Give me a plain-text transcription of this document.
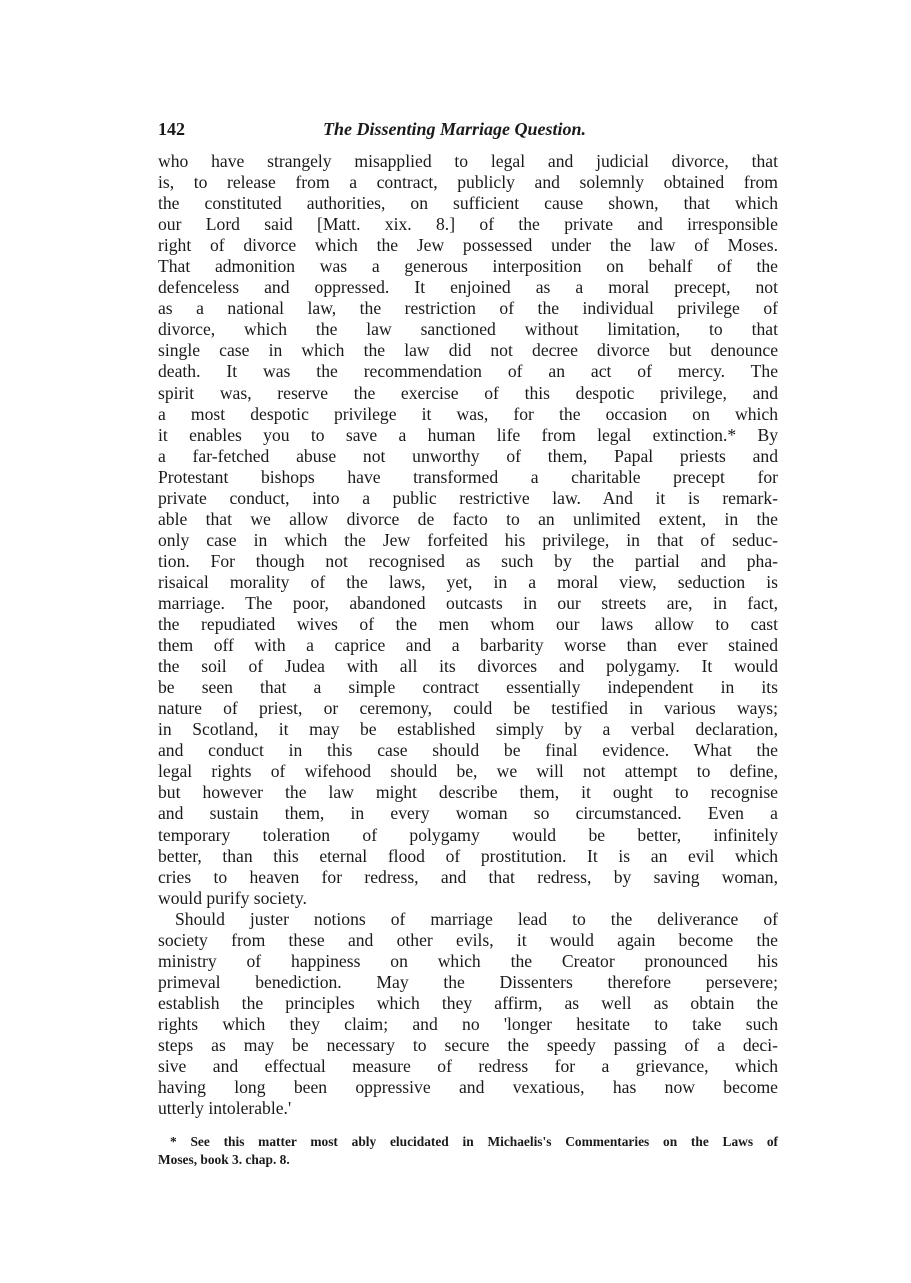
142	The Dissenting Marriage Question.
who have strangely misapplied to legal and judicial divorce, that
is, to release from a contract, publicly and solemnly obtained from
the constituted authorities, on sufficient cause shown, that which
our Lord said [Matt. xix. 8.] of the private and irresponsible
right of divorce which the Jew possessed under the law of Moses.
That admonition was a generous interposition on behalf of the
defenceless and oppressed. It enjoined as a moral precept, not
as a national law, the restriction of the individual privilege of
divorce, which the law sanctioned without limitation, to that
single case in which the law did not decree divorce but denounce
death. It was the recommendation of an act of mercy. The
spirit was, reserve the exercise of this despotic privilege, and
a most despotic privilege it was, for the occasion on which
it enables you to save a human life from legal extinction.* By
a far-fetched abuse not unworthy of them, Papal priests and
Protestant bishops have transformed a charitable precept for
private conduct, into a public restrictive law. And it is remark-
able that we allow divorce de facto to an unlimited extent, in the
only case in which the Jew forfeited his privilege, in that of seduc-
tion. For though not recognised as such by the partial and pha-
risaical morality of the laws, yet, in a moral view, seduction is
marriage. The poor, abandoned outcasts in our streets are, in fact,
the repudiated wives of the men whom our laws allow to cast
them off with a caprice and a barbarity worse than ever stained
the soil of Judea with all its divorces and polygamy. It would
be seen that a simple contract essentially independent in its
nature of priest, or ceremony, could be testified in various ways;
in Scotland, it may be established simply by a verbal declaration,
and conduct in this case should be final evidence. What the
legal rights of wifehood should be, we will not attempt to define,
but however the law might describe them, it ought to recognise
and sustain them, in every woman so circumstanced. Even a
temporary toleration of polygamy would be better, infinitely
better, than this eternal flood of prostitution. It is an evil which
cries to heaven for redress, and that redress, by saving woman,
would purify society.
Should juster notions of marriage lead to the deliverance of
society from these and other evils, it would again become the
ministry of happiness on which the Creator pronounced his
primeval benediction. May the Dissenters therefore persevere;
establish the principles which they affirm, as well as obtain the
rights which they claim; and no 'longer hesitate to take such
steps as may be necessary to secure the speedy passing of a deci-
sive and effectual measure of redress for a grievance, which
having long been oppressive and vexatious, has now become
utterly intolerable.'
* See this matter most ably elucidated in Michaelis's Commentaries on the Laws of
Moses, book 3. chap. 8.
